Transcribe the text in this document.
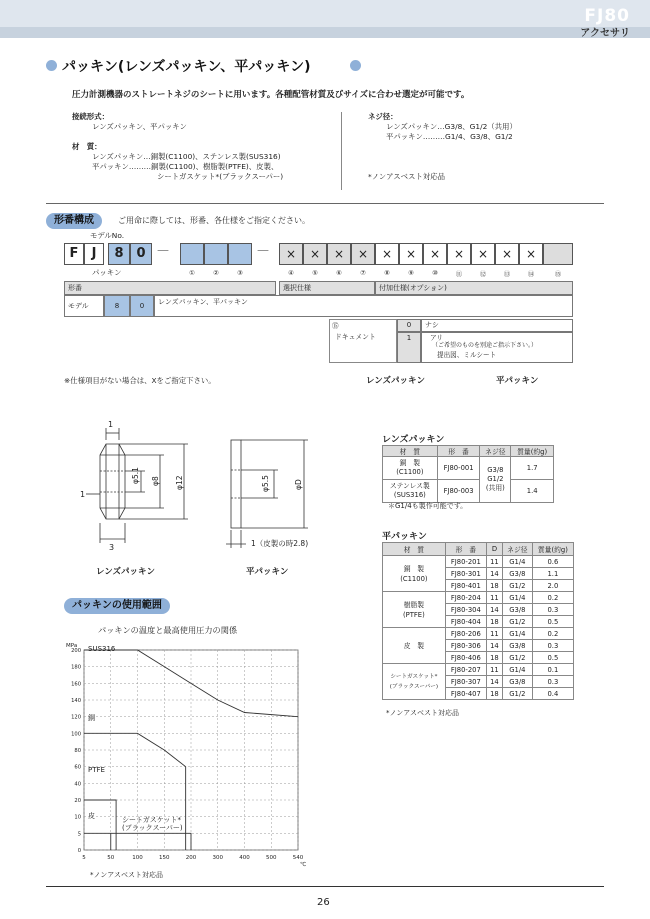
FJ80
アクセサリ
パッキン(レンズパッキン、平パッキン)
圧力計測機器のストレートネジのシートに用います。各種配管材質及びサイズに合わせ選定が可能です。
接続形式：
レンズパッキン、平パッキン
材　質：
レンズパッキン…銅製(C1100)、ステンレス製(SUS316)
平パッキン………銅製(C1100)、樹脂製(PTFE)、皮製、
シートガスケット*(ブラックスーパー)
ネジ径：
レンズパッキン…G3/8、G1/2（共用）
平パッキン………G1/4、G3/8、G1/2
*ノンアスベスト対応品
形番構成	ご用命に際しては、形番、各仕様をご指定ください。
モデルNo.
F	J	8 0 —	—	×	×	×	×	×	×	×	×	×	×	×
パッキン	①	②	③	④	⑤	⑥	⑦	⑧	⑨	⑩	⑪	⑫	⑬	⑭	⑮
形番	選択仕様	付加仕様(オプション)
モデル	8	0	レンズパッキン、平パッキン
⑮
ドキュメント
0	ナシ
1	アリ
（ご希望のものを別途ご指示下さい。）
提出図、ミルシート
※仕様項目がない場合は、Xをご指定下さい。	レンズパッキン	平パッキン
1
1
3
φ5.1 φ8 φ12	φ5.5	φD
1（皮製の時2.8)
レンズパッキン	平パッキン
レンズパッキン
材　質	形　番	ネジ径	質量(約g)
銅　製
(C1100)	FJ80-001	G3/8
G1/2
(共用)	1.7
ステンレス製
(SUS316)	FJ80-003		1.4
＊G1/4も製作可能です。
平パッキン
材　質	形　番	D	ネジ径	質量(約g)
銅　製
(C1100)	FJ80-201	11	G1/4	0.6
	FJ80-301	14	G3/8	1.1
	FJ80-401	18	G1/2	2.0
樹脂製
(PTFE)	FJ80-204	11	G1/4	0.2
	FJ80-304	14	G3/8	0.3
	FJ80-404	18	G1/2	0.5
皮　製	FJ80-206	11	G1/4	0.2
	FJ80-306	14	G3/8	0.3
	FJ80-406	18	G1/2	0.5
シートガスケット*
(ブラックスーパー)	FJ80-207	11	G1/4	0.1
	FJ80-307	14	G3/8	0.3
	FJ80-407	18	G1/2	0.4
*ノンアスベスト対応品
パッキンの使用範囲
パッキンの温度と最高使用圧力の関係
5	50	100	150	200	300	400	500	540
0
5
10
20
40
60
80
100
120
140
160
180
200
MPa
℃
SUS316
銅
PTFE
皮	シートガスケット*
(ブラックスーパー)
*ノンアスベスト対応品
26
